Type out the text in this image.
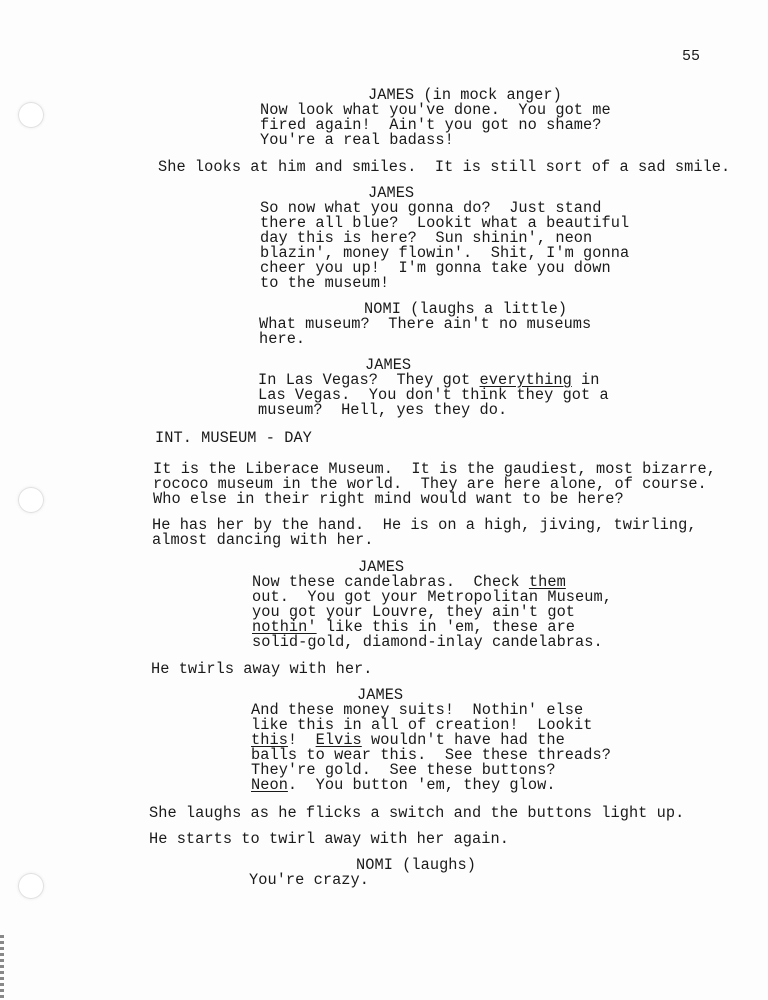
55
JAMES (in mock anger)
Now look what you've done.  You got me
fired again!  Ain't you got no shame?
You're a real badass!
She looks at him and smiles.  It is still sort of a sad smile.
JAMES
So now what you gonna do?  Just stand
there all blue?  Lookit what a beautiful
day this is here?  Sun shinin', neon
blazin', money flowin'.  Shit, I'm gonna
cheer you up!  I'm gonna take you down
to the museum!
NOMI (laughs a little)
What museum?  There ain't no museums
here.
JAMES
In Las Vegas?  They got everything in
Las Vegas.  You don't think they got a
museum?  Hell, yes they do.
INT. MUSEUM - DAY
It is the Liberace Museum.  It is the gaudiest, most bizarre,
rococo museum in the world.  They are here alone, of course.
Who else in their right mind would want to be here?
He has her by the hand.  He is on a high, jiving, twirling,
almost dancing with her.
JAMES
Now these candelabras.  Check them
out.  You got your Metropolitan Museum,
you got your Louvre, they ain't got
nothin' like this in 'em, these are
solid-gold, diamond-inlay candelabras.
He twirls away with her.
JAMES
And these money suits!  Nothin' else
like this in all of creation!  Lookit
this!  Elvis wouldn't have had the
balls to wear this.  See these threads?
They're gold.  See these buttons?
Neon.  You button 'em, they glow.
She laughs as he flicks a switch and the buttons light up.
He starts to twirl away with her again.
NOMI (laughs)
You're crazy.
